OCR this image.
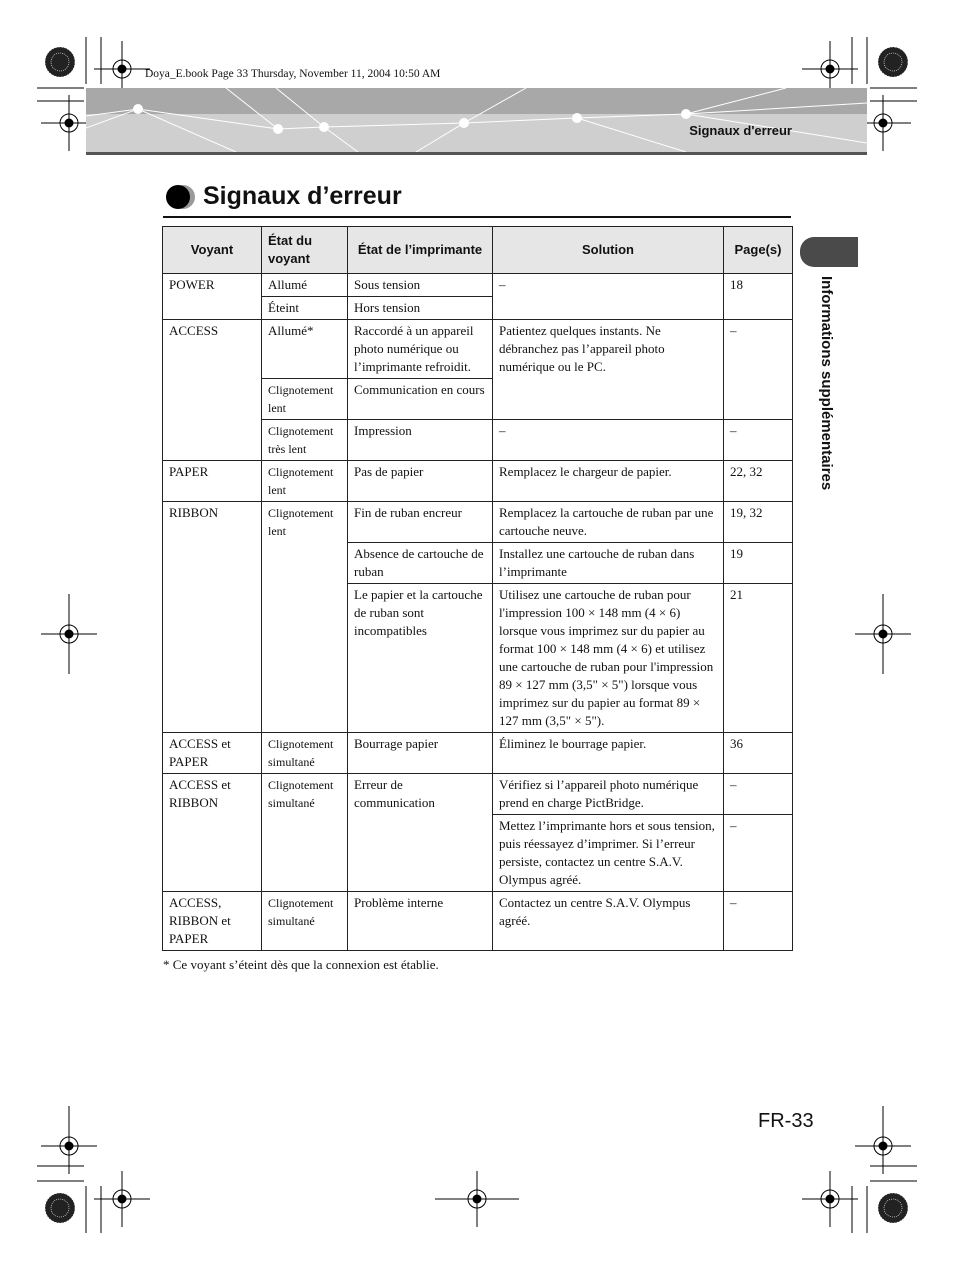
Doya_E.book Page 33 Thursday, November 11, 2004 10:50 AM
Signaux d'erreur
Signaux d’erreur
Voyant	État du voyant	État de l’imprimante	Solution	Page(s)
POWER	Allumé	Sous tension	–	18
	Éteint	Hors tension		
ACCESS	Allumé*	Raccordé à un appareil photo numérique ou l’imprimante refroidit.	Patientez quelques instants. Ne débranchez pas l’appareil photo numérique ou le PC.	–
	Clignotement lent	Communication en cours		
	Clignotement très lent	Impression	–	–
PAPER	Clignotement lent	Pas de papier	Remplacez le chargeur de papier.	22, 32
RIBBON	Clignotement lent	Fin de ruban encreur	Remplacez la cartouche de ruban par une cartouche neuve.	19, 32
		Absence de cartouche de ruban	Installez une cartouche de ruban dans l’imprimante	19
		Le papier et la cartouche de ruban sont incompatibles	Utilisez une cartouche de ruban pour l'impression 100 × 148 mm (4 × 6) lorsque vous imprimez sur du papier au format 100 × 148 mm (4 × 6) et utilisez une cartouche de ruban pour l'impression 89 × 127 mm (3,5" × 5") lorsque vous imprimez sur du papier au format 89 × 127 mm (3,5" × 5").	21
ACCESS et PAPER	Clignotement simultané	Bourrage papier	Éliminez le bourrage papier.	36
ACCESS et RIBBON	Clignotement simultané	Erreur de communication	Vérifiez si l’appareil photo numérique prend en charge PictBridge.	–
			Mettez l’imprimante hors et sous tension, puis réessayez d’imprimer. Si l’erreur persiste, contactez un centre S.A.V. Olympus agréé.	–
ACCESS, RIBBON et PAPER	Clignotement simultané	Problème interne	Contactez un centre S.A.V. Olympus agréé.	–
* Ce voyant s’éteint dès que la connexion est établie.
Informations supplémentaires
FR-33
